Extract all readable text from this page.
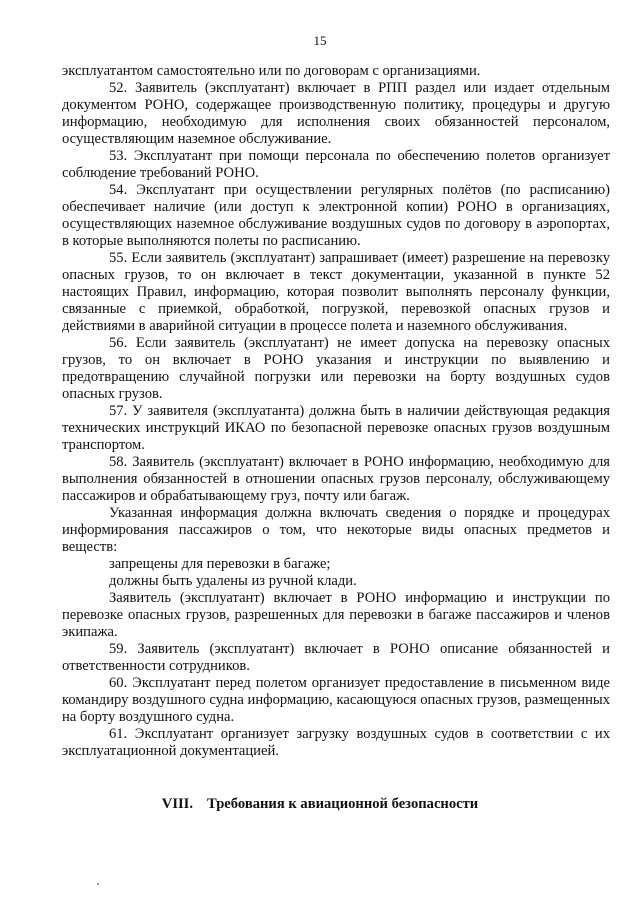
15

эксплуатантом самостоятельно или по договорам с организациями.

52. Заявитель (эксплуатант) включает в РПП раздел или издает отдельным документом РОНО, содержащее производственную политику, процедуры и другую информацию, необходимую для исполнения своих обязанностей персоналом, осуществляющим наземное обслуживание.

53. Эксплуатант при помощи персонала по обеспечению полетов организует соблюдение требований РОНО.

54. Эксплуатант при осуществлении регулярных полётов (по расписанию) обеспечивает наличие (или доступ к электронной копии) РОНО в организациях, осуществляющих наземное обслуживание воздушных судов по договору в аэропортах, в которые выполняются полеты по расписанию.

55. Если заявитель (эксплуатант) запрашивает (имеет) разрешение на перевозку опасных грузов, то он включает в текст документации, указанной в пункте 52 настоящих Правил, информацию, которая позволит выполнять персоналу функции, связанные с приемкой, обработкой, погрузкой, перевозкой опасных грузов и действиями в аварийной ситуации в процессе полета и наземного обслуживания.

56. Если заявитель (эксплуатант) не имеет допуска на перевозку опасных грузов, то он включает в РОНО указания и инструкции по выявлению и предотвращению случайной погрузки или перевозки на борту воздушных судов опасных грузов.

57. У заявителя (эксплуатанта) должна быть в наличии действующая редакция технических инструкций ИКАО по безопасной перевозке опасных грузов воздушным транспортом.

58. Заявитель (эксплуатант) включает в РОНО информацию, необходимую для выполнения обязанностей в отношении опасных грузов персоналу, обслуживающему пассажиров и обрабатывающему груз, почту или багаж.

Указанная информация должна включать сведения о порядке и процедурах информирования пассажиров о том, что некоторые виды опасных предметов и веществ:

запрещены для перевозки в багаже;

должны быть удалены из ручной клади.

Заявитель (эксплуатант) включает в РОНО информацию и инструкции по перевозке опасных грузов, разрешенных для перевозки в багаже пассажиров и членов экипажа.

59. Заявитель (эксплуатант) включает в РОНО описание обязанностей и ответственности сотрудников.

60. Эксплуатант перед полетом организует предоставление в письменном виде командиру воздушного судна информацию, касающуюся опасных грузов, размещенных на борту воздушного судна.

61. Эксплуатант организует загрузку воздушных судов в соответствии с их эксплуатационной документацией.

VIII. Требования к авиационной безопасности
